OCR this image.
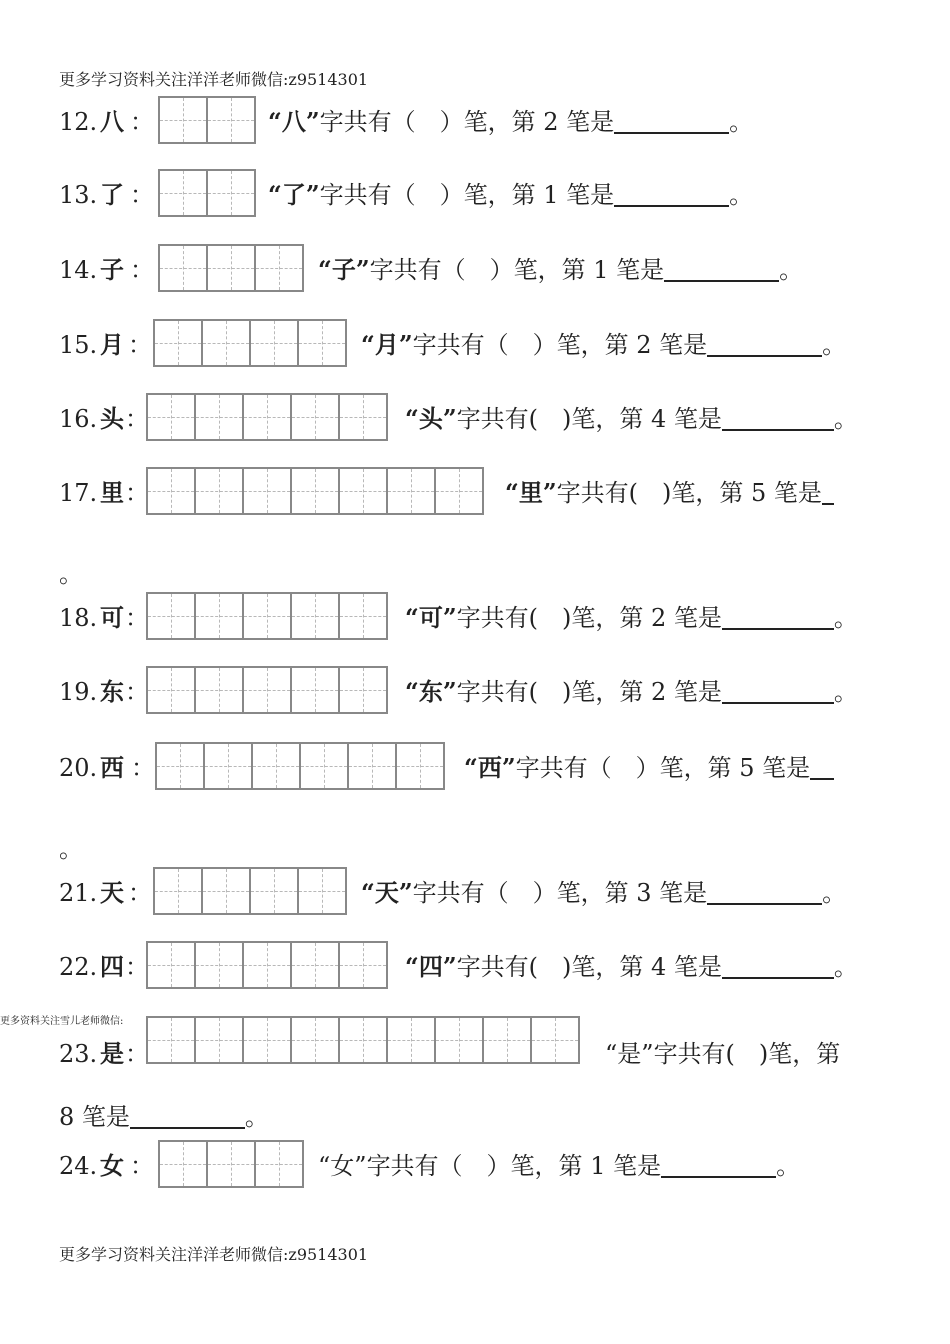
更多学习资料关注洋洋老师微信:z9514301
12. 八 ：	“八”字共有（　）笔，第 2 笔是	。
13. 了 ：	“了”字共有（　）笔，第 1 笔是	。
14. 子 ：	“子”字共有（　）笔，第 1 笔是	。
15. 月 ：	“月”字共有（　）笔，第 2 笔是	。
16. 头 ：	“头”字共有(　)笔，第 4 笔是	。
17. 里 ：	“里”字共有(　)笔，第 5 笔是
。
18. 可 ：	“可”字共有(　)笔，第 2 笔是	。
19. 东 ：	“东”字共有(　)笔，第 2 笔是	。
20. 西 ：	“西”字共有（　）笔，第 5 笔是
。
21. 天 ：	“天”字共有（　）笔，第 3 笔是	。
22. 四 ：	“四”字共有(　)笔，第 4 笔是	。
更多资料关注雪儿老师微信:
23. 是 ：	“是”字共有(　)笔，第
8 笔是	。
24. 女 ：	“女”字共有（　）笔，第 1 笔是	。
更多学习资料关注洋洋老师微信:z9514301
